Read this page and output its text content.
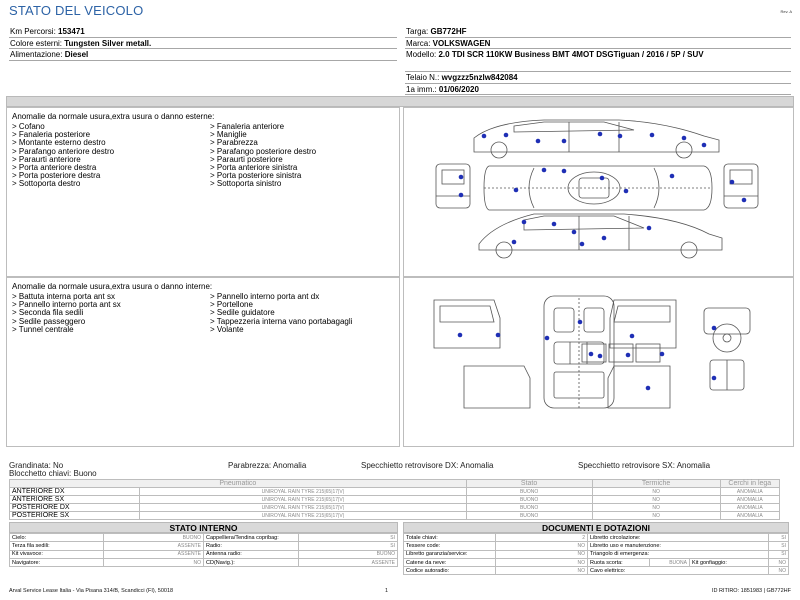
STATO DEL VEICOLO	Rev. A
Km Percorsi: 153471
Colore esterni: Tungsten Silver metall.
Alimentazione: Diesel
Targa: GB772HF
Marca: VOLKSWAGEN
Modello: 2.0 TDI SCR 110KW Business BMT 4MOT DSGTiguan / 2016 / 5P / SUV
Telaio N.: wvgzzz5nzlw842084
1a imm.: 01/06/2020
Anomalie da normale usura,extra usura o danno esterne:
> Cofano
> Fanaleria posteriore
> Montante esterno destro
> Parafango anteriore destro
> Paraurti anteriore
> Porta anteriore destra
> Porta posteriore destra
> Sottoporta destro
> Fanaleria anteriore
> Maniglie
> Parabrezza
> Parafango posteriore destro
> Paraurti posteriore
> Porta anteriore sinistra
> Porta posteriore sinistra
> Sottoporta sinistro
Anomalie da normale usura,extra usura o danno interne:
> Battuta interna porta ant sx
> Pannello interno porta ant sx
> Seconda fila sedili
> Sedile passeggero
> Tunnel centrale
> Pannello interno porta ant dx
> Portellone
> Sedile guidatore
> Tappezzeria interna vano portabagagli
> Volante
Grandinata: No
Blocchetto chiavi: Buono
Parabrezza: Anomalia	Specchietto retrovisore DX: Anomalia	Specchietto retrovisore SX: Anomalia
Pneumatico		Stato	Termiche	Cerchi in lega
ANTERIORE DX	UNIROYAL RAIN TYRE 215|65|17|V|	BUONO	NO	ANOMALIA
ANTERIORE SX	UNIROYAL RAIN TYRE 215|65|17|V|	BUONO	NO	ANOMALIA
POSTERIORE DX	UNIROYAL RAIN TYRE 215|65|17|V|	BUONO	NO	ANOMALIA
POSTERIORE SX	UNIROYAL RAIN TYRE 215|65|17|V|	BUONO	NO	ANOMALIA
STATO INTERNO
Cielo:	BUONO	Cappelliera/Tendina copribag:	SI
Terza fila sedili:	ASSENTE	Radio:	SI
Kit vivavoce:	ASSENTE	Antenna radio:	BUONO
Navigatore:	NO	CD(Navig.):	ASSENTE
DOCUMENTI E DOTAZIONI
Totale chiavi:	2	Libretto circolazione:			SI
Tessere code:	NO	Libretto uso e manutenzione:			SI
Libretto garanzia/service:	NO	Triangolo di emergenza:			SI
Catene da neve:	NO	Ruota scorta:	BUONA	Kit gonfiaggio:	NO
Codice autoradio:	NO	Cavo elettrico:			NO
Arval Service Lease Italia - Via Pisana 314/B, Scandicci (FI), 50018	1	ID RITIRO: 1851983 | GB772HF
